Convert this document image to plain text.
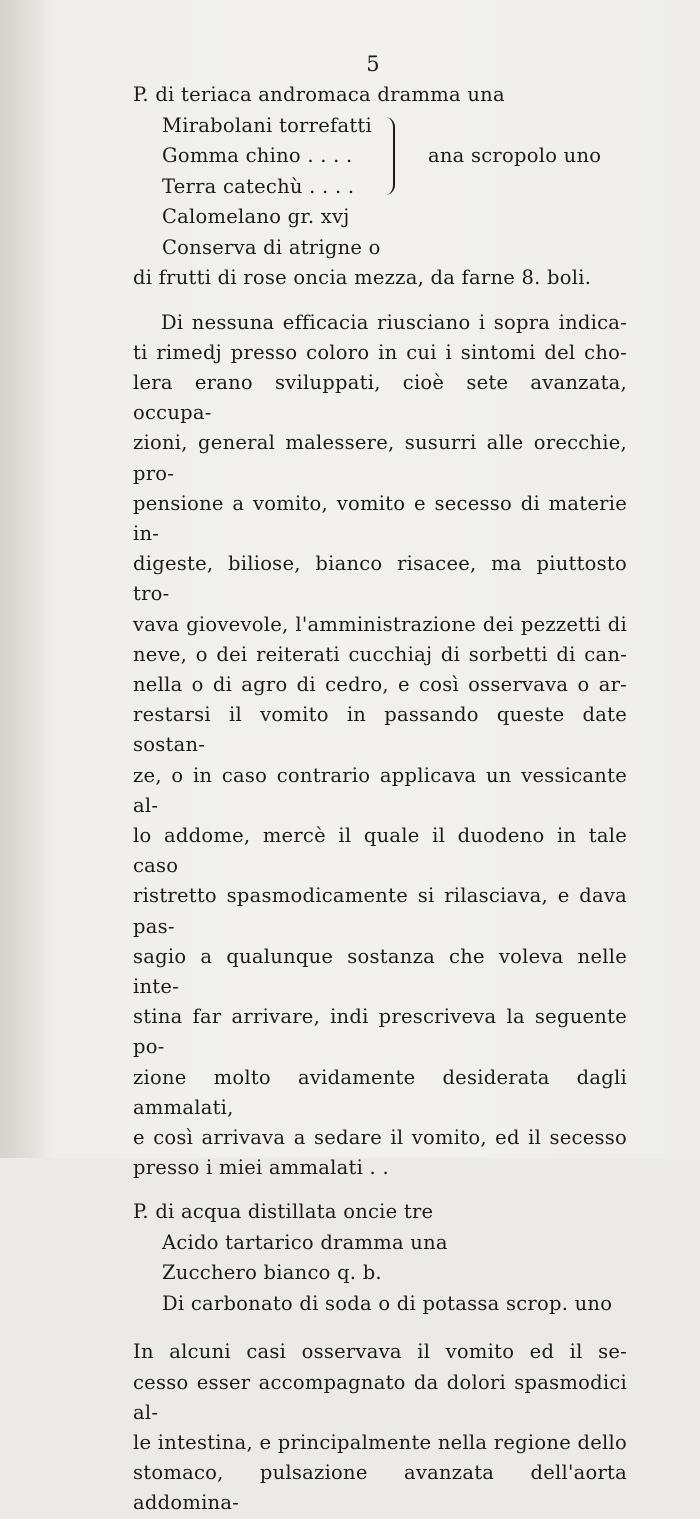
5
P. di teriaca andromaca dramma una
Mirabolani torrefatti
Gomma chino . . . .
Terra catechù . . . .
ana scropolo uno
Calomelano gr. xvj
Conserva di atrigne o
di frutti di rose oncia mezza, da farne 8. boli.
Di nessuna efficacia riusciano i sopra indica-
ti rimedj presso coloro in cui i sintomi del cho-
lera erano sviluppati, cioè sete avanzata, occupa-
zioni, general malessere, susurri alle orecchie, pro-
pensione a vomito, vomito e secesso di materie in-
digeste, biliose, bianco risacee, ma piuttosto tro-
vava giovevole, l'amministrazione dei pezzetti di
neve, o dei reiterati cucchiaj di sorbetti di can-
nella o di agro di cedro, e così osservava o ar-
restarsi il vomito in passando queste date sostan-
ze, o in caso contrario applicava un vessicante al-
lo addome, mercè il quale il duodeno in tale caso
ristretto spasmodicamente si rilasciava, e dava pas-
sagio a qualunque sostanza che voleva nelle inte-
stina far arrivare, indi prescriveva la seguente po-
zione molto avidamente desiderata dagli ammalati,
e così arrivava a sedare il vomito, ed il secesso
presso i miei ammalati . .
P. di acqua distillata oncie tre
Acido tartarico dramma una
Zucchero bianco q. b.
Di carbonato di soda o di potassa scrop. uno
In alcuni casi osservava il vomito ed il se-
cesso esser accompagnato da dolori spasmodici al-
le intestina, e principalmente nella regione dello
stomaco, pulsazione avanzata dell'aorta addomina-
